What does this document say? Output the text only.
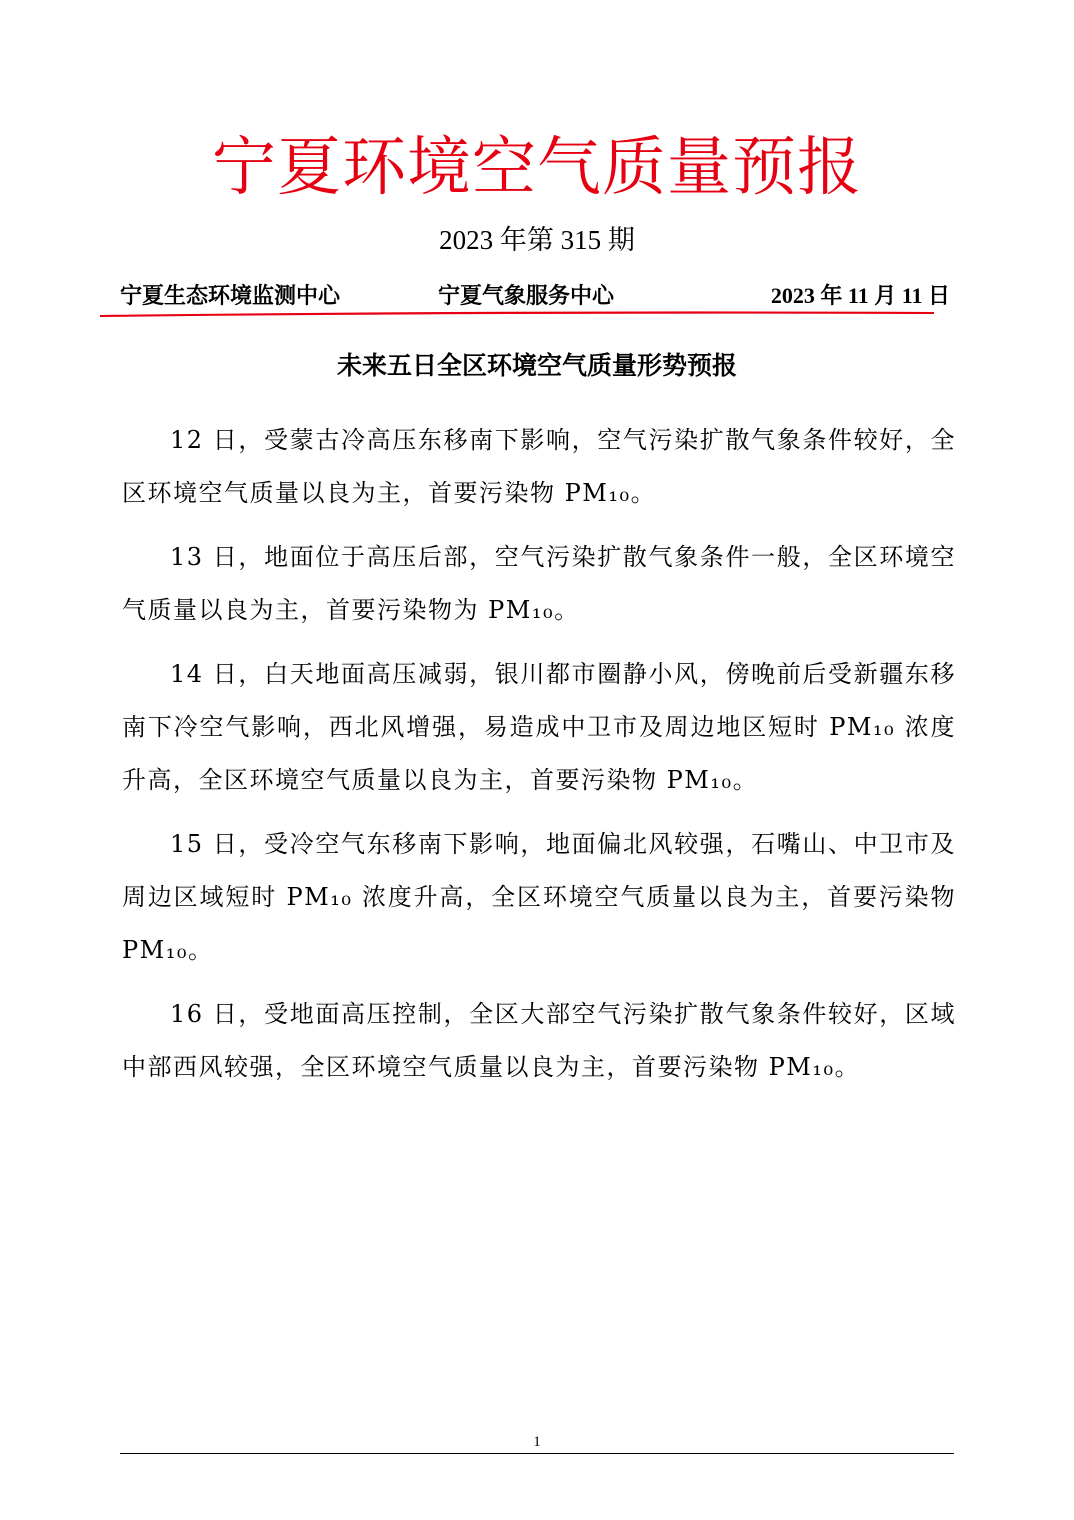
宁夏环境空气质量预报
2023 年第 315 期
宁夏生态环境监测中心	宁夏气象服务中心	2023 年 11 月 11 日
未来五日全区环境空气质量形势预报

12 日，受蒙古冷高压东移南下影响，空气污染扩散气象条件较好，全区环境空气质量以良为主，首要污染物 PM₁₀。

13 日，地面位于高压后部，空气污染扩散气象条件一般，全区环境空气质量以良为主，首要污染物为 PM₁₀。

14 日，白天地面高压减弱，银川都市圈静小风，傍晚前后受新疆东移南下冷空气影响，西北风增强，易造成中卫市及周边地区短时 PM₁₀ 浓度升高，全区环境空气质量以良为主，首要污染物 PM₁₀。

15 日，受冷空气东移南下影响，地面偏北风较强，石嘴山、中卫市及周边区域短时 PM₁₀ 浓度升高，全区环境空气质量以良为主，首要污染物 PM₁₀。

16 日，受地面高压控制，全区大部空气污染扩散气象条件较好，区域中部西风较强，全区环境空气质量以良为主，首要污染物 PM₁₀。

1
